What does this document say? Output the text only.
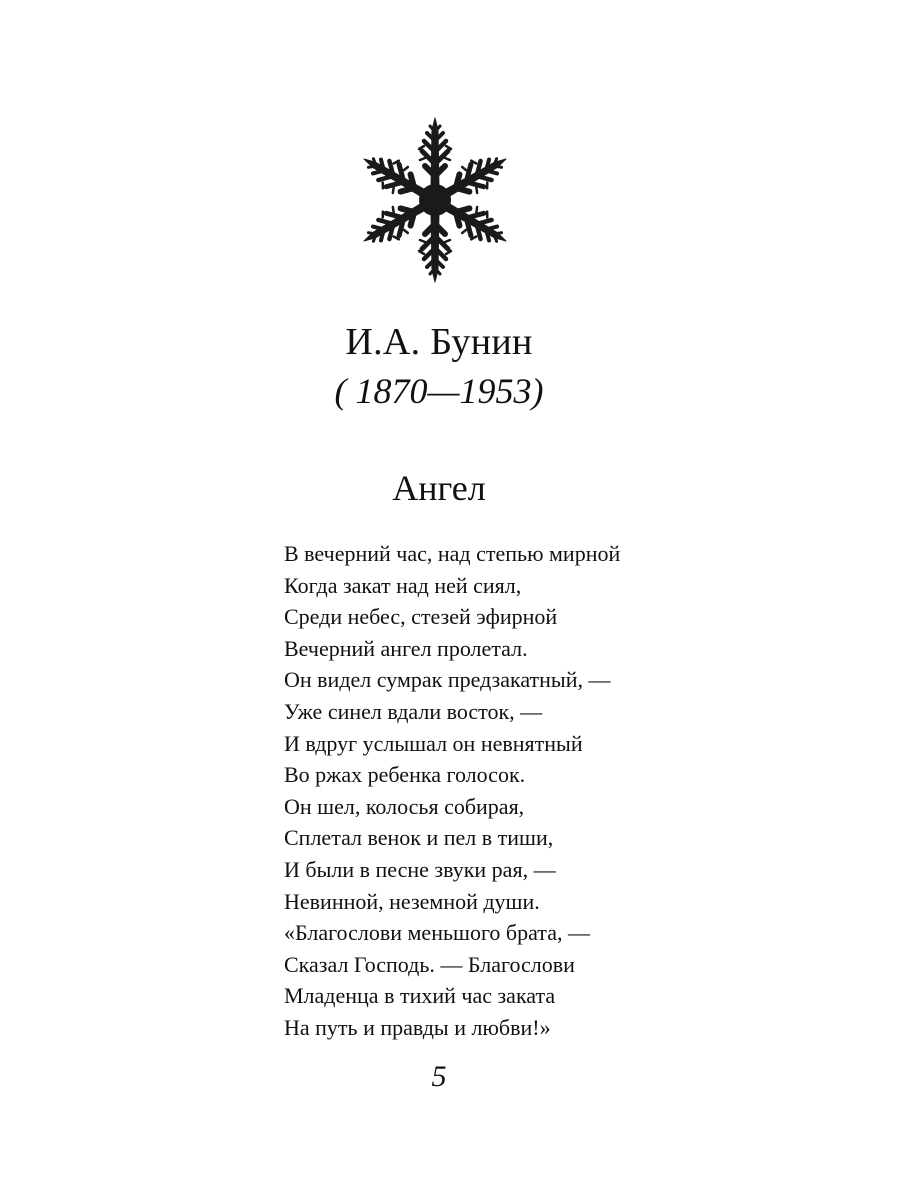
И.А. Бунин
( 1870—1953)
Ангел
В вечерний час, над степью мирной
Когда закат над ней сиял,
Среди небес, стезей эфирной
Вечерний ангел пролетал.
Он видел сумрак предзакатный, —
Уже синел вдали восток, —
И вдруг услышал он невнятный
Во ржах ребенка голосок.
Он шел, колосья собирая,
Сплетал венок и пел в тиши,
И были в песне звуки рая, —
Невинной, неземной души.
«Благослови меньшого брата, —
Сказал Господь. — Благослови
Младенца в тихий час заката
На путь и правды и любви!»
5
